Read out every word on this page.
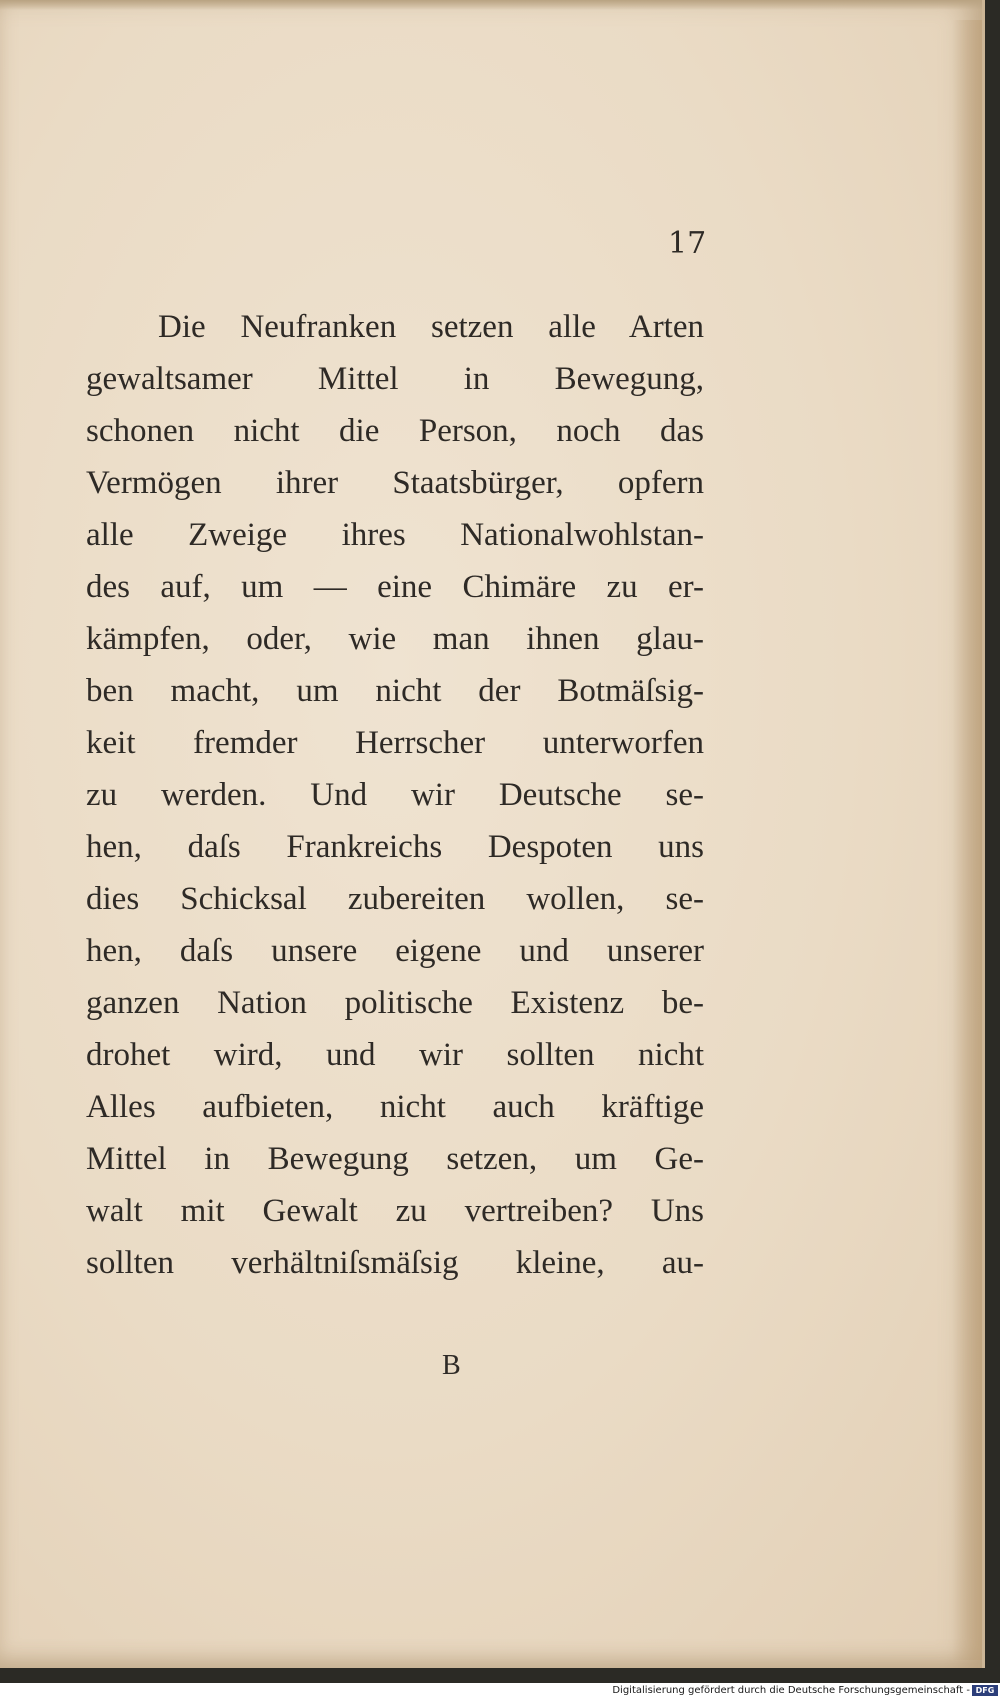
17
Die Neufranken setzen alle Arten
gewaltsamer Mittel in Bewegung,
schonen nicht die Person, noch das
Vermögen ihrer Staatsbürger, opfern
alle Zweige ihres Nationalwohlstan-
des auf, um — eine Chimäre zu er-
kämpfen, oder, wie man ihnen glau-
ben macht, um nicht der Botmäſsig-
keit fremder Herrscher unterworfen
zu werden. Und wir Deutsche se-
hen, daſs Frankreichs Despoten uns
dies Schicksal zubereiten wollen, se-
hen, daſs unsere eigene und unserer
ganzen Nation politische Existenz be-
drohet wird, und wir sollten nicht
Alles aufbieten, nicht auch kräftige
Mittel in Bewegung setzen, um Ge-
walt mit Gewalt zu vertreiben? Uns
sollten verhältniſsmäſsig kleine, au-
B
Digitalisierung gefördert durch die Deutsche Forschungsgemeinschaft - DFG
